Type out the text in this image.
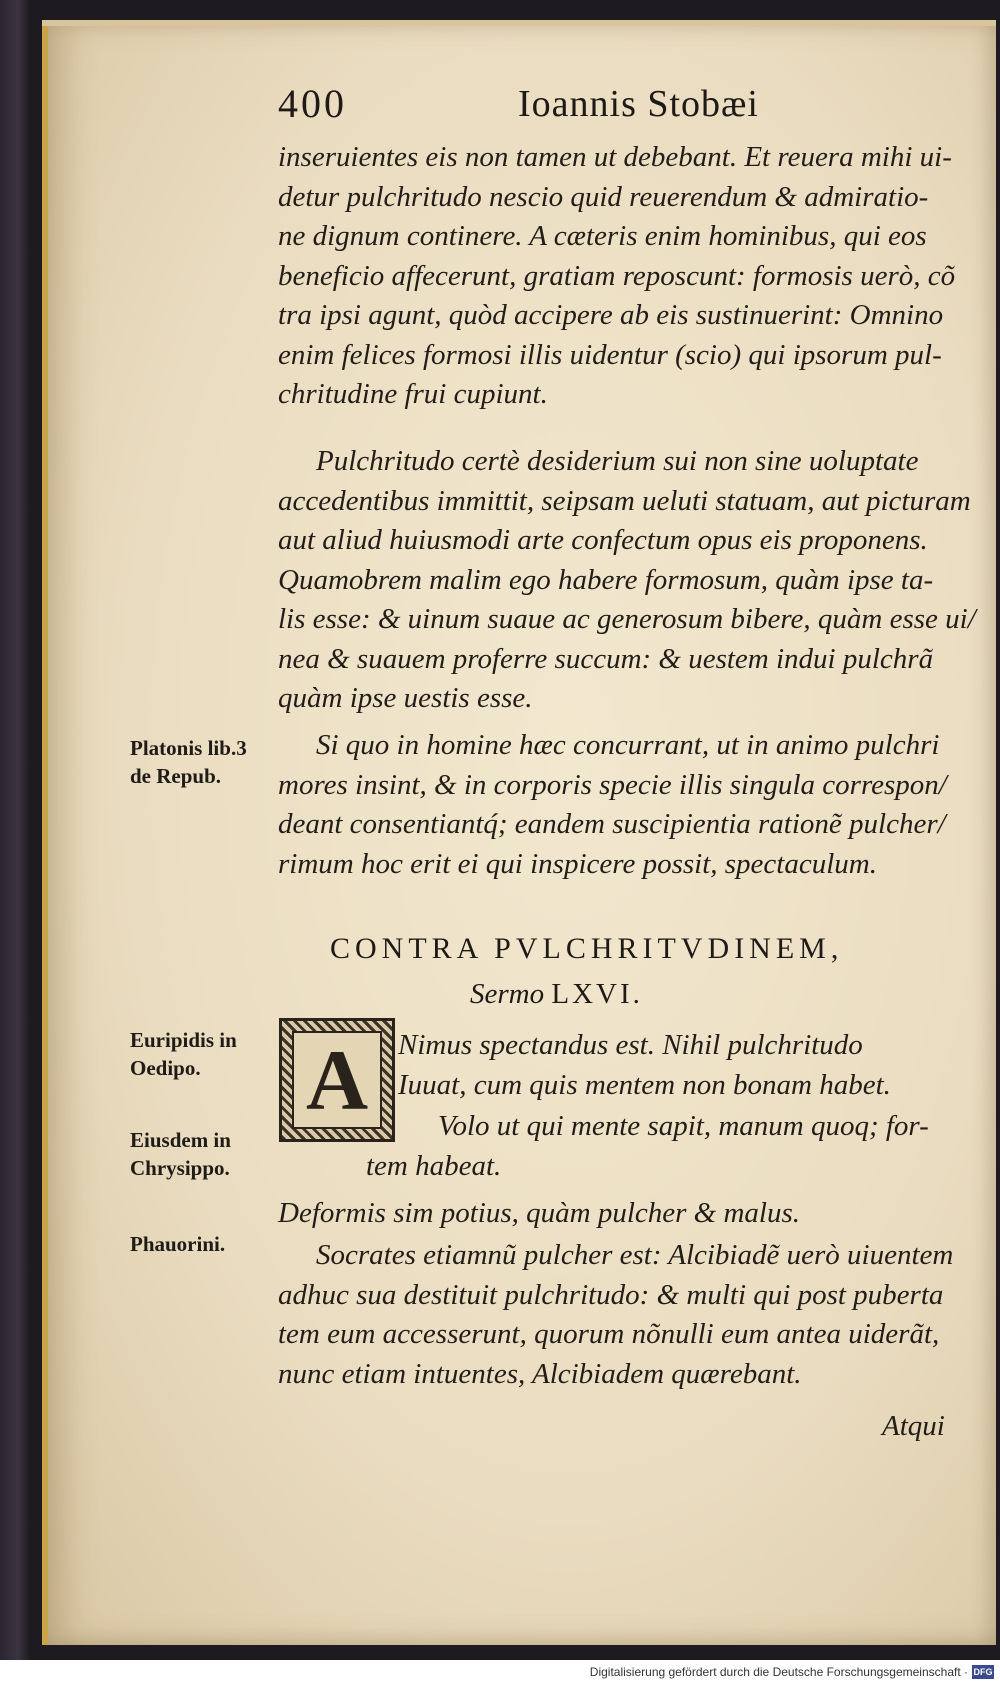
400	Ioannis Stobæi
inseruientes eis non tamen ut debebant. Et reuera mihi ui-
detur pulchritudo nescio quid reuerendum & admiratio-
ne dignum continere. A cæteris enim hominibus, qui eos
beneficio affecerunt, gratiam reposcunt: formosis uerò, cõ
tra ipsi agunt, quòd accipere ab eis sustinuerint: Omnino
enim felices formosi illis uidentur (scio) qui ipsorum pul-
chritudine frui cupiunt.
Pulchritudo certè desiderium sui non sine uoluptate
accedentibus immittit, seipsam ueluti statuam, aut picturam
aut aliud huiusmodi arte confectum opus eis proponens.
Quamobrem malim ego habere formosum, quàm ipse ta-
lis esse: & uinum suaue ac generosum bibere, quàm esse ui/
nea & suauem proferre succum: & uestem indui pulchrã
quàm ipse uestis esse.
Platonis lib.3
de Repub.
Si quo in homine hæc concurrant, ut in animo pulchri
mores insint, & in corporis specie illis singula correspon/
deant consentiantq́; eandem suscipientia rationẽ pulcher/
rimum hoc erit ei qui inspicere possit, spectaculum.
CONTRA PVLCHRITVDINEM,
Sermo LXVI.
Euripidis in
Oedipo.	A Nimus spectandus est. Nihil pulchritudo
Iuuat, cum quis mentem non bonam habet.
Eiusdem in
Chrysippo.
Volo ut qui mente sapit, manum quoq; for-
tem habeat.
Deformis sim potius, quàm pulcher & malus.
Phauorini.	Socrates etiamnũ pulcher est: Alcibiadẽ uerò uiuentem
adhuc sua destituit pulchritudo: & multi qui post puberta
tem eum accesserunt, quorum nõnulli eum antea uiderãt,
nunc etiam intuentes, Alcibiadem quærebant.
Atqui
Digitalisierung gefördert durch die Deutsche Forschungsgemeinschaft · DFG
